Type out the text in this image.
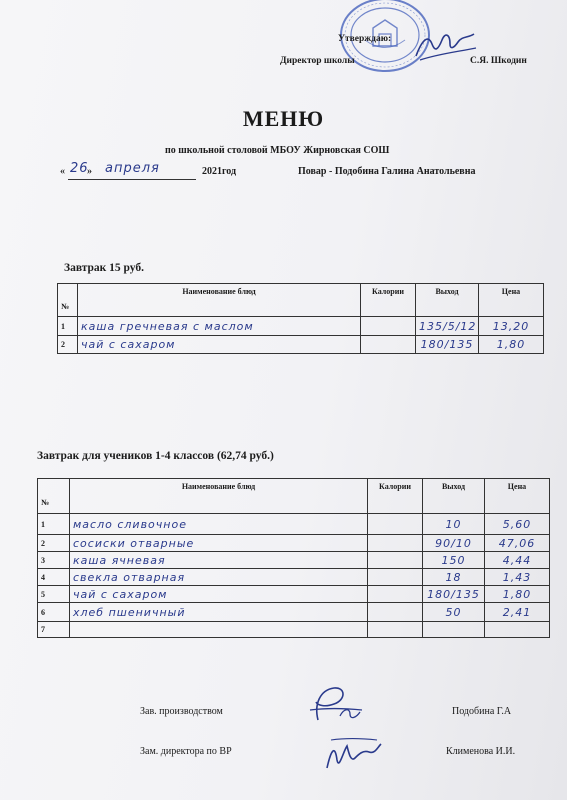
Утверждаю:
Директор школы	С.Я. Шкодин
МЕНЮ
по школьной столовой МБОУ Жирновская СОШ
« 26
» апреля	2021год	Повар - Подобина Галина Анатольевна
Завтрак 15 руб.
№	Наименование блюд	Калории	Выход	Цена
1	каша гречневая с маслом		135/5/12	13,20
2	чай с сахаром		180/135	1,80
Завтрак для учеников 1-4 классов (62,74 руб.)
№	Наименование блюд	Калории	Выход	Цена
1	масло сливочное		10	5,60
2	сосиски отварные		90/10	47,06
3	каша ячневая		150	4,44
4	свекла отварная		18	1,43
5	чай с сахаром		180/135	1,80
6	хлеб пшеничный		50	2,41
7				
Зав. производством	Подобина Г.А
Зам. директора по ВР	Клименова И.И.
